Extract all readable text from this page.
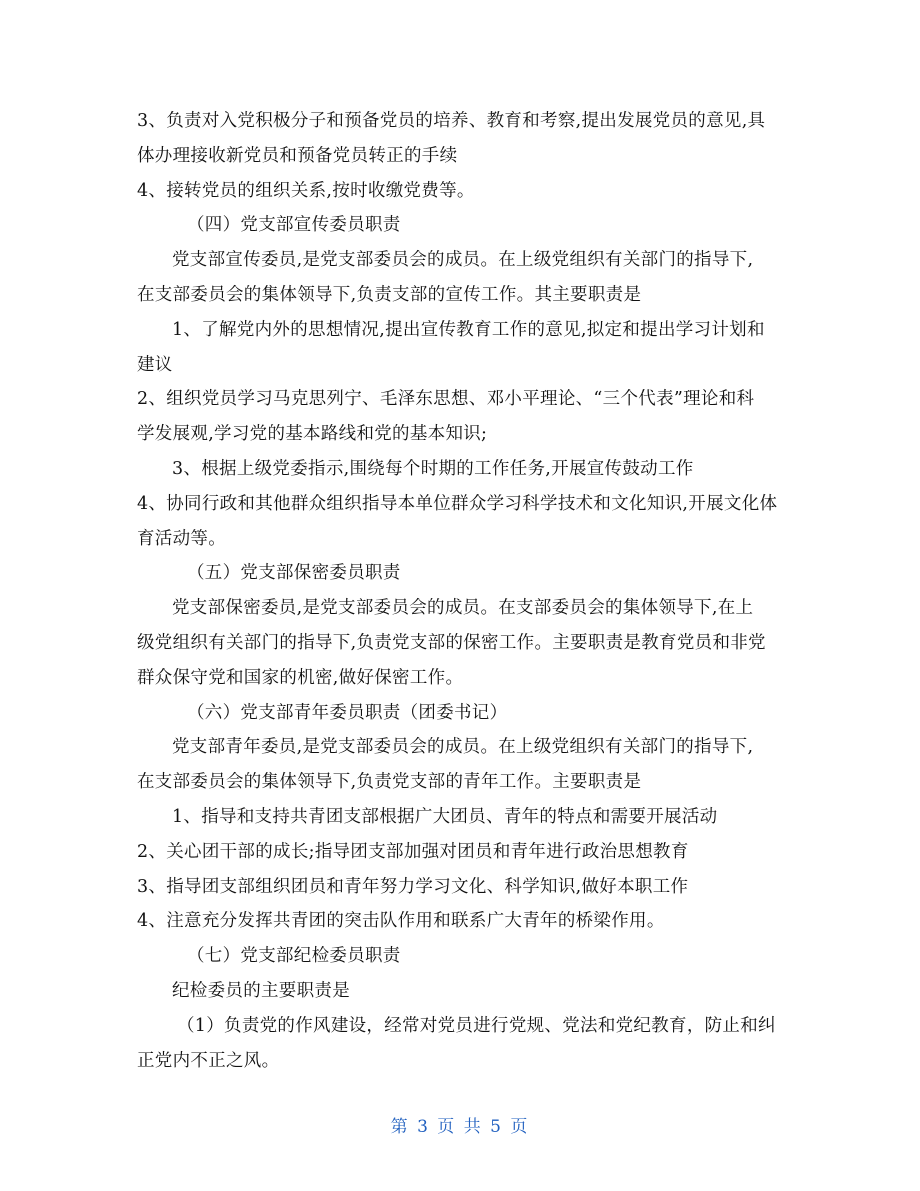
3、负责对入党积极分子和预备党员的培养、教育和考察,提出发展党员的意见,具
体办理接收新党员和预备党员转正的手续
4、接转党员的组织关系,按时收缴党费等。
（四）党支部宣传委员职责
党支部宣传委员,是党支部委员会的成员。在上级党组织有关部门的指导下,
在支部委员会的集体领导下,负责支部的宣传工作。其主要职责是
1、了解党内外的思想情况,提出宣传教育工作的意见,拟定和提出学习计划和
建议
2、组织党员学习马克思列宁、毛泽东思想、邓小平理论、“三个代表”理论和科
学发展观,学习党的基本路线和党的基本知识;
3、根据上级党委指示,围绕每个时期的工作任务,开展宣传鼓动工作
4、协同行政和其他群众组织指导本单位群众学习科学技术和文化知识,开展文化体
育活动等。
（五）党支部保密委员职责
党支部保密委员,是党支部委员会的成员。在支部委员会的集体领导下,在上
级党组织有关部门的指导下,负责党支部的保密工作。主要职责是教育党员和非党
群众保守党和国家的机密,做好保密工作。
（六）党支部青年委员职责（团委书记）
党支部青年委员,是党支部委员会的成员。在上级党组织有关部门的指导下,
在支部委员会的集体领导下,负责党支部的青年工作。主要职责是
1、指导和支持共青团支部根据广大团员、青年的特点和需要开展活动
2、关心团干部的成长;指导团支部加强对团员和青年进行政治思想教育
3、指导团支部组织团员和青年努力学习文化、科学知识,做好本职工作
4、注意充分发挥共青团的突击队作用和联系广大青年的桥梁作用。
（七）党支部纪检委员职责
纪检委员的主要职责是
（1）负责党的作风建设，经常对党员进行党规、党法和党纪教育，防止和纠
正党内不正之风。
第 3 页 共 5 页
